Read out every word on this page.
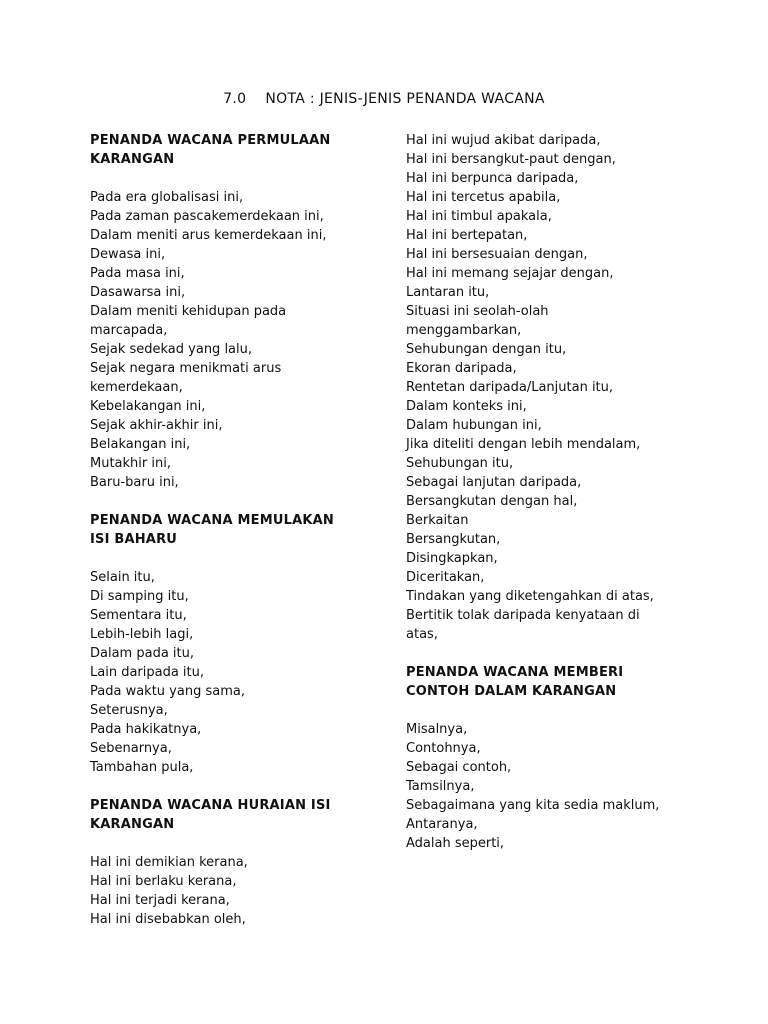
7.0    NOTA : JENIS-JENIS PENANDA WACANA
PENANDA WACANA PERMULAAN
KARANGAN
Pada era globalisasi ini,
Pada zaman pascakemerdekaan ini,
Dalam meniti arus kemerdekaan ini,
Dewasa ini,
Pada masa ini,
Dasawarsa ini,
Dalam meniti kehidupan pada
marcapada,
Sejak sedekad yang lalu,
Sejak negara menikmati arus
kemerdekaan,
Kebelakangan ini,
Sejak akhir-akhir ini,
Belakangan ini,
Mutakhir ini,
Baru-baru ini,
PENANDA WACANA MEMULAKAN
ISI BAHARU
Selain itu,
Di samping itu,
Sementara itu,
Lebih-lebih lagi,
Dalam pada itu,
Lain daripada itu,
Pada waktu yang sama,
Seterusnya,
Pada hakikatnya,
Sebenarnya,
Tambahan pula,
PENANDA WACANA HURAIAN ISI
KARANGAN
Hal ini demikian kerana,
Hal ini berlaku kerana,
Hal ini terjadi kerana,
Hal ini disebabkan oleh,
Hal ini wujud akibat daripada,
Hal ini bersangkut-paut dengan,
Hal ini berpunca daripada,
Hal ini tercetus apabila,
Hal ini timbul apakala,
Hal ini bertepatan,
Hal ini bersesuaian dengan,
Hal ini memang sejajar dengan,
Lantaran itu,
Situasi ini seolah-olah
menggambarkan,
Sehubungan dengan itu,
Ekoran daripada,
Rentetan daripada/Lanjutan itu,
Dalam konteks ini,
Dalam hubungan ini,
Jika diteliti dengan lebih mendalam,
Sehubungan itu,
Sebagai lanjutan daripada,
Bersangkutan dengan hal,
Berkaitan
Bersangkutan,
Disingkapkan,
Diceritakan,
Tindakan yang diketengahkan di atas,
Bertitik tolak daripada kenyataan di
atas,
PENANDA WACANA MEMBERI
CONTOH DALAM KARANGAN
Misalnya,
Contohnya,
Sebagai contoh,
Tamsilnya,
Sebagaimana yang kita sedia maklum,
Antaranya,
Adalah seperti,
